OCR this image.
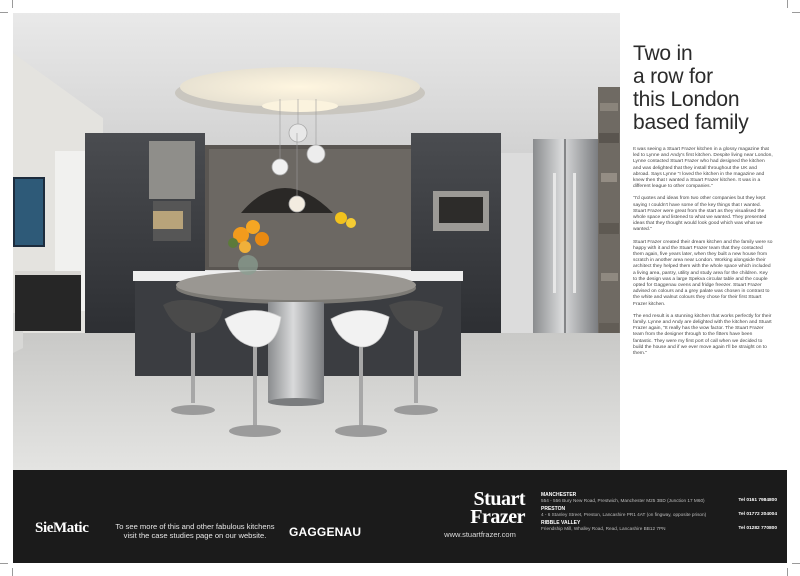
Two in
a row for
this London
based family

It was seeing a Stuart Frazer kitchen in a glossy magazine that led to Lynne and Andy's first kitchen. Despite living near London, Lynne contacted Stuart Frazer who had designed the kitchen and was delighted that they install throughout the UK and abroad. Says Lynne "I loved the kitchen in the magazine and knew then that I wanted a Stuart Frazer kitchen. It was in a different league to other companies."

"I'd quotes and ideas from two other companies but they kept saying I couldn't have some of the key things that I wanted. Stuart Frazer were great from the start as they visualised the whole space and listened to what we wanted. They presented ideas that they thought would look good which was what we wanted."

Stuart Frazer created their dream kitchen and the family were so happy with it and the Stuart Frazer team that they contacted them again, five years later, when they built a new house from scratch in another area near London. Working alongside their architect they helped them with the whole space which included a living area, pantry, utility and study area for the children. Key to the design was a large Spekva circular table and the couple opted for Gaggenau ovens and fridge freezer. Stuart Frazer advised on colours and a grey palate was chosen in contrast to the white and walnut colours they chose for their first Stuart Frazer kitchen.

The end result is a stunning kitchen that works perfectly for their family. Lynne and Andy are delighted with the kitchen and Stuart Frazer again, "It really has the wow factor. The Stuart Frazer team from the designer through to the fitters have been fantastic. They were my first port of call when we decided to build the house and if we ever move again I'll be straight on to them."

SieMatic	To see more of this and other fabulous kitchens
visit the case studies page on our website.	GAGGENAU
Stuart
Frazer
www.stuartfrazer.com
MANCHESTER
554 - 556 Bury New Road, Prestwich, Manchester M25 3BD (Junction 17 M60)	Tel 0161 7984800
PRESTON
4 - 6 Stanley Street, Preston, Lancashire PR1 4AT (on fingway, opposite prison)	Tel 01772 204004
RIBBLE VALLEY
Friendship Mill, Whalley Road, Read, Lancashire BB12 7PN	Tel 01282 770800
